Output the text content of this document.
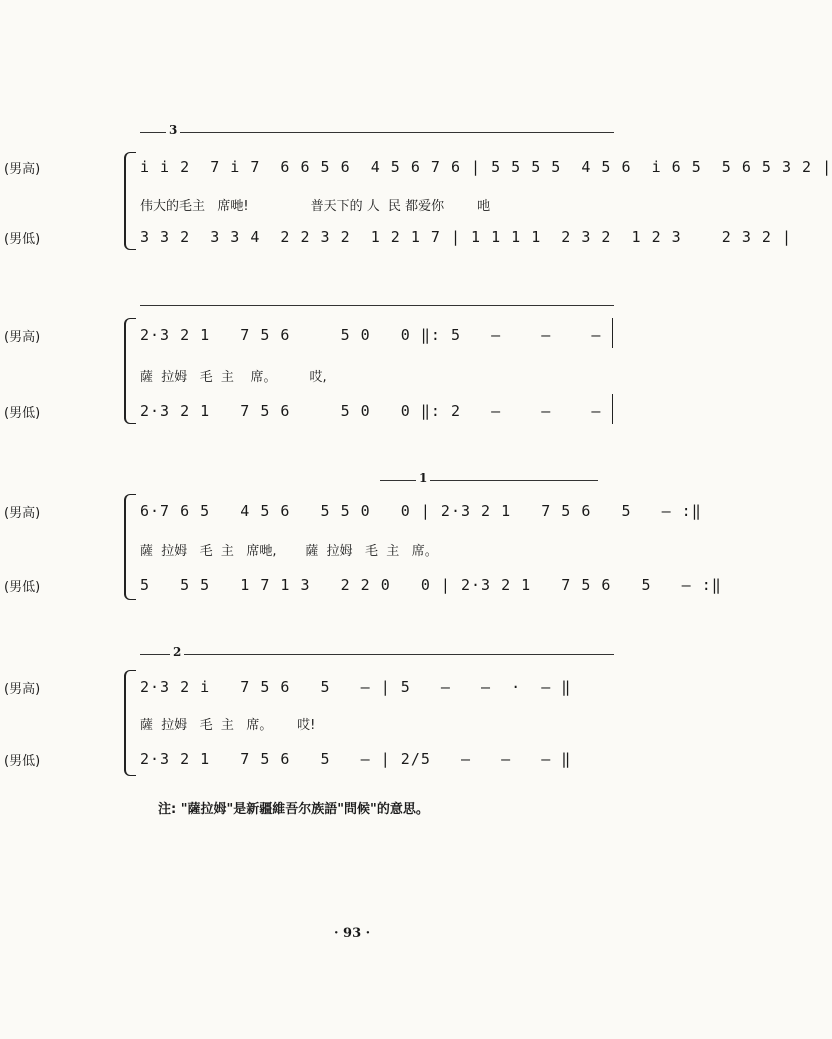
3
(男高)
(男低)
i i 2  7 i 7  6 6 5 6  4 5 6 7 6 | 5 5 5 5  4 5 6  i 6 5  5 6 5 3 2 |
伟大的毛主   席哋!               普天下的 人  民 都爱你        吔
3 3 2  3 3 4  2 2 3 2  1 2 1 7 | 1 1 1 1  2 3 2  1 2 3    2 3 2 |
(男高)
(男低)
2·3 2 1   7 5 6     5 0   0 ‖: 5   —    —    —
薩  拉姆   毛  主    席。        哎,
2·3 2 1   7 5 6     5 0   0 ‖: 2   —    —    —
1
(男高)
(男低)
6·7 6 5   4 5 6   5 5 0   0 | 2·3 2 1   7 5 6   5   — :‖
薩  拉姆   毛  主   席哋,       薩  拉姆   毛  主   席。
5   5 5   1 7 1 3   2 2 0   0 | 2·3 2 1   7 5 6   5   — :‖
2
(男高)
(男低)
2·3 2 i   7 5 6   5   — | 5   —   —  ·  — ‖
薩  拉姆   毛  主   席。      哎!
2·3 2 1   7 5 6   5   — | 2/5   —   —   — ‖
注: "薩拉姆"是新疆維吾尔族語"問候"的意思。
· 93 ·
